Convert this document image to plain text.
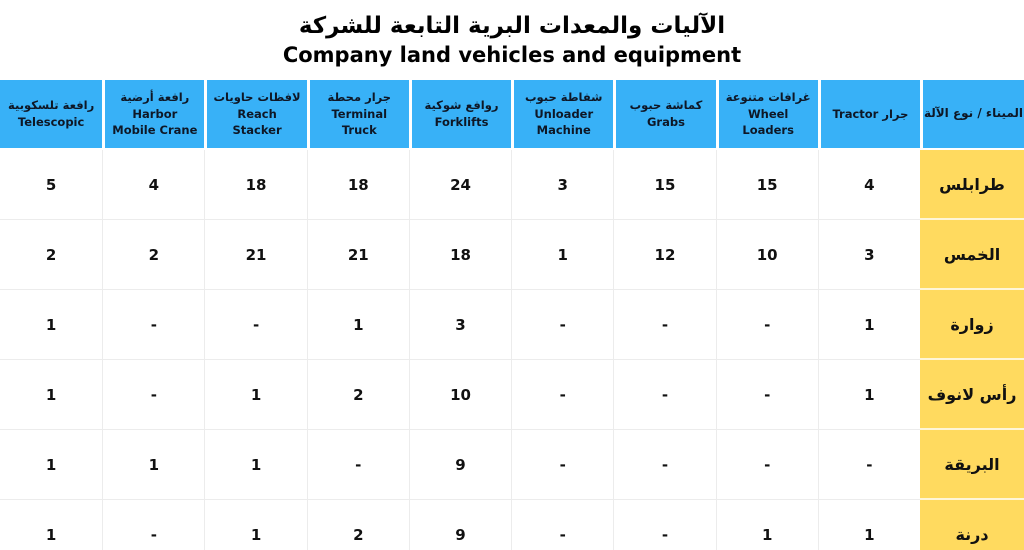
الآليات والمعدات البرية التابعة للشركة
Company land vehicles and equipment
الميناء / نوع الآلة
جرار Tractor
غرافات متنوعة Wheel Loaders
كماشة حبوب Grabs
شفاطة حبوب Unloader Machine
روافع شوكية Forklifts
جرار محطة Terminal Truck
لافظات حاويات Reach Stacker
رافعة أرضية Harbor Mobile Crane
رافعة تلسكوبية Telescopic
طرابلس
4
15
15
3
24
18
18
4
5
الخمس
3
10
12
1
18
21
21
2
2
زوارة
1
-
-
-
3
1
-
-
1
رأس لانوف
1
-
-
-
10
2
1
-
1
البريقة
-
-
-
-
9
-
1
1
1
درنة
1
1
-
-
9
2
1
-
1
